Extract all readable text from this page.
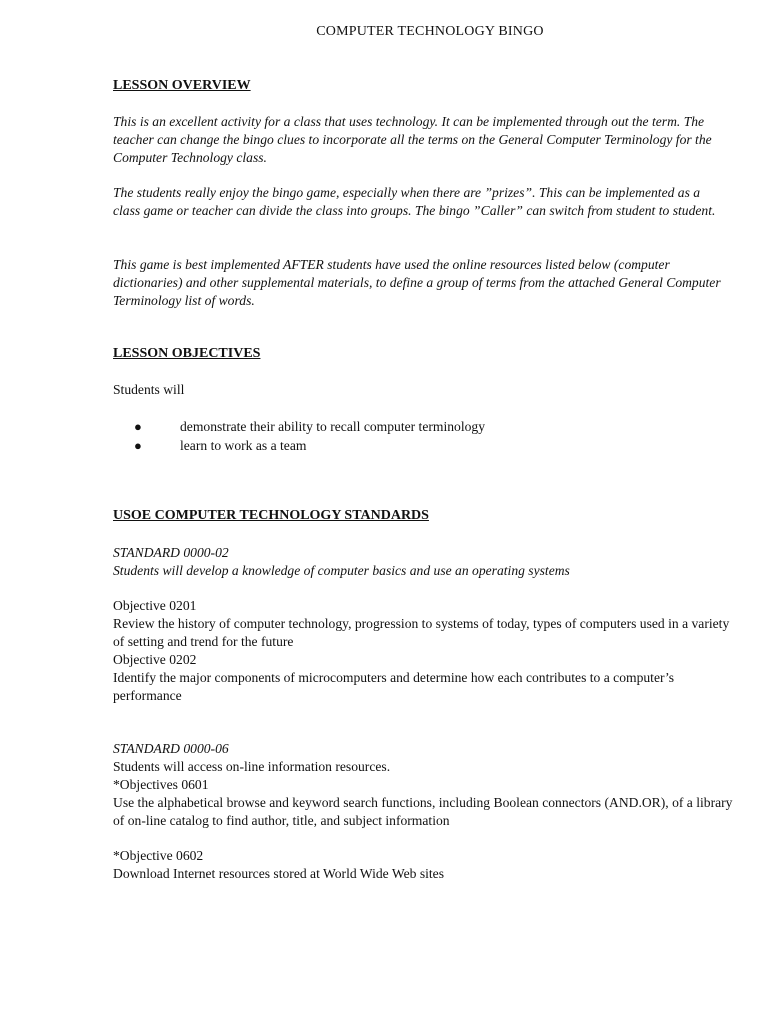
COMPUTER TECHNOLOGY BINGO
LESSON OVERVIEW
This is an excellent activity for a class that uses technology. It can be implemented through out the term. The teacher can change the bingo clues to incorporate all the terms on the General Computer Terminology for the Computer Technology class.
The students really enjoy the bingo game, especially when there are ”prizes”. This can be implemented as a class game or teacher can divide the class into groups. The bingo ”Caller” can switch from student to student.
This game is best implemented AFTER students have used the online resources listed below (computer dictionaries) and other supplemental materials, to define a group of terms from the attached General Computer Terminology list of words.
LESSON OBJECTIVES
Students will
●	demonstrate their ability to recall computer terminology
●	learn to work as a team
USOE COMPUTER TECHNOLOGY STANDARDS
STANDARD 0000-02
Students will develop a knowledge of computer basics and use an operating systems
Objective 0201
Review the history of computer technology, progression to systems of today, types of computers used in a variety of setting and trend for the future
Objective 0202
Identify the major components of microcomputers and determine how each contributes to a computer’s performance
STANDARD 0000-06
Students will access on-line information resources.
*Objectives 0601
Use the alphabetical browse and keyword search functions, including Boolean connectors (AND.OR), of a library of on-line catalog to find author, title, and subject information
*Objective 0602
Download Internet resources stored at World Wide Web sites
